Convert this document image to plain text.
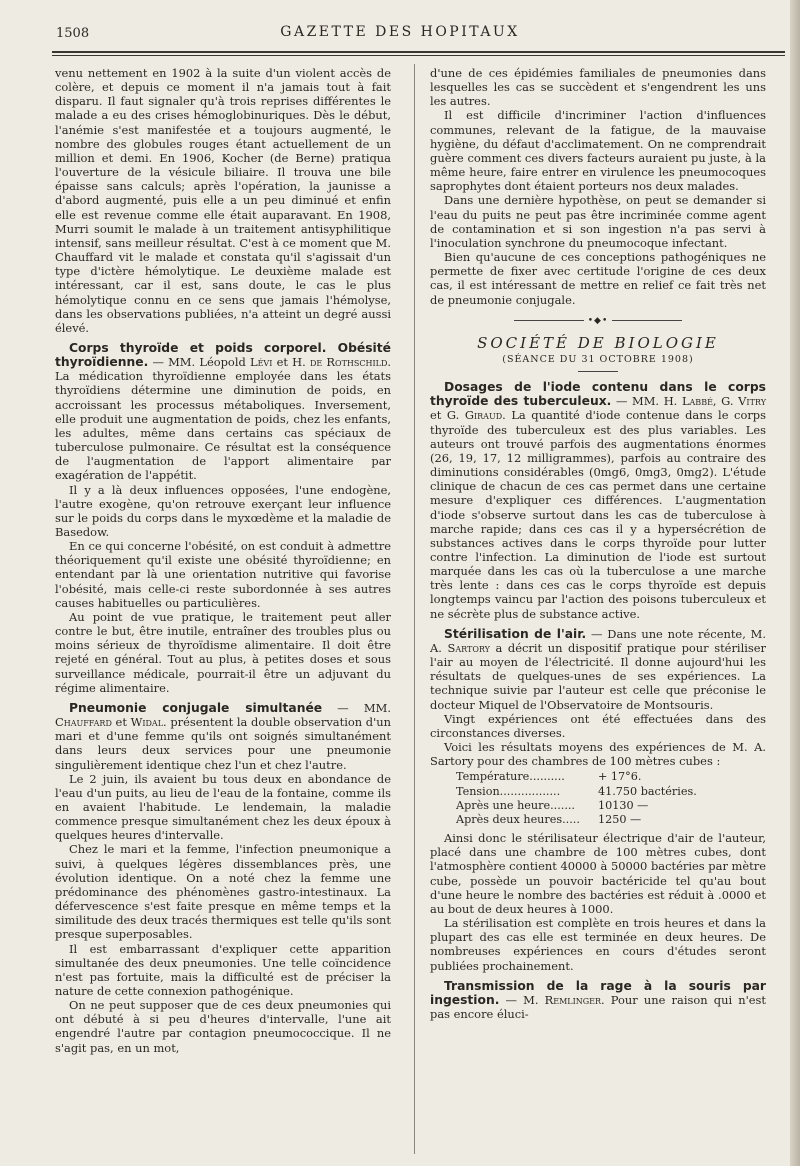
1508	GAZETTE DES HOPITAUX

venu nettement en 1902 à la suite d'un violent accès de colère, et depuis ce moment il n'a jamais tout à fait disparu. Il faut signaler qu'à trois reprises différentes le malade a eu des crises hémoglobinuriques. Dès le début, l'anémie s'est manifestée et a toujours augmenté, le nombre des globules rouges étant actuellement de un million et demi. En 1906, Kocher (de Berne) pratiqua l'ouverture de la vésicule biliaire. Il trouva une bile épaisse sans calculs; après l'opération, la jaunisse a d'abord augmenté, puis elle a un peu diminué et enfin elle est revenue comme elle était auparavant. En 1908, Murri soumit le malade à un traitement antisyphilitique intensif, sans meilleur résultat. C'est à ce moment que M. Chauffard vit le malade et constata qu'il s'agissait d'un type d'ictère hémolytique. Le deuxième malade est intéressant, car il est, sans doute, le cas le plus hémolytique connu en ce sens que jamais l'hémolyse, dans les observations publiées, n'a atteint un degré aussi élevé.

Corps thyroïde et poids corporel. Obésité thyroïdienne. — MM. Léopold Lévi et H. de Rothschild. La médication thyroïdienne employée dans les états thyroïdiens détermine une diminution de poids, en accroissant les processus métaboliques. Inversement, elle produit une augmentation de poids, chez les enfants, les adultes, même dans certains cas spéciaux de tuberculose pulmonaire. Ce résultat est la conséquence de l'augmentation de l'apport alimentaire par exagération de l'appétit.

Il y a là deux influences opposées, l'une endogène, l'autre exogène, qu'on retrouve exerçant leur influence sur le poids du corps dans le myxœdème et la maladie de Basedow.

En ce qui concerne l'obésité, on est conduit à admettre théoriquement qu'il existe une obésité thyroïdienne; en entendant par là une orientation nutritive qui favorise l'obésité, mais celle-ci reste subordonnée à ses autres causes habituelles ou particulières.

Au point de vue pratique, le traitement peut aller contre le but, être inutile, entraîner des troubles plus ou moins sérieux de thyroïdisme alimentaire. Il doit être rejeté en général. Tout au plus, à petites doses et sous surveillance médicale, pourrait-il être un adjuvant du régime alimentaire.

Pneumonie conjugale simultanée — MM. Chauffard et Widal. présentent la double observation d'un mari et d'une femme qu'ils ont soignés simultanément dans leurs deux services pour une pneumonie singulièrement identique chez l'un et chez l'autre.

Le 2 juin, ils avaient bu tous deux en abondance de l'eau d'un puits, au lieu de l'eau de la fontaine, comme ils en avaient l'habitude. Le lendemain, la maladie commence presque simultanément chez les deux époux à quelques heures d'intervalle.

Chez le mari et la femme, l'infection pneumonique a suivi, à quelques légères dissemblances près, une évolution identique. On a noté chez la femme une prédominance des phénomènes gastro-intestinaux. La défervescence s'est faite presque en même temps et la similitude des deux tracés thermiques est telle qu'ils sont presque superposables.

Il est embarrassant d'expliquer cette apparition simultanée des deux pneumonies. Une telle coïncidence n'est pas fortuite, mais la difficulté est de préciser la nature de cette connexion pathogénique.

On ne peut supposer que de ces deux pneumonies qui ont débuté à si peu d'heures d'intervalle, l'une ait engendré l'autre par contagion pneumococcique. Il ne s'agit pas, en un mot,

d'une de ces épidémies familiales de pneumonies dans lesquelles les cas se succèdent et s'engendrent les uns les autres.

Il est difficile d'incriminer l'action d'influences communes, relevant de la fatigue, de la mauvaise hygiène, du défaut d'acclimatement. On ne comprendrait guère comment ces divers facteurs auraient pu juste, à la même heure, faire entrer en virulence les pneumocoques saprophytes dont étaient porteurs nos deux malades.

Dans une dernière hypothèse, on peut se demander si l'eau du puits ne peut pas être incriminée comme agent de contamination et si son ingestion n'a pas servi à l'inoculation synchrone du pneumocoque infectant.

Bien qu'aucune de ces conceptions pathogéniques ne permette de fixer avec certitude l'origine de ces deux cas, il est intéressant de mettre en relief ce fait très net de pneumonie conjugale.

•◆•
SOCIÉTÉ DE BIOLOGIE
(SÉANCE DU 31 OCTOBRE 1908)

Dosages de l'iode contenu dans le corps thyroïde des tuberculeux. — MM. H. Labbé, G. Vitry et G. Giraud. La quantité d'iode contenue dans le corps thyroïde des tuberculeux est des plus variables. Les auteurs ont trouvé parfois des augmentations énormes (26, 19, 17, 12 milligrammes), parfois au contraire des diminutions considérables (0mg6, 0mg3, 0mg2). L'étude clinique de chacun de ces cas permet dans une certaine mesure d'expliquer ces différences. L'augmentation d'iode s'observe surtout dans les cas de tuberculose à marche rapide; dans ces cas il y a hypersécrétion de substances actives dans le corps thyroïde pour lutter contre l'infection. La diminution de l'iode est surtout marquée dans les cas où la tuberculose a une marche très lente : dans ces cas le corps thyroïde est depuis longtemps vaincu par l'action des poisons tuberculeux et ne sécrète plus de substance active.

Stérilisation de l'air. — Dans une note récente, M. A. Sartory a décrit un dispositif pratique pour stériliser l'air au moyen de l'électricité. Il donne aujourd'hui les résultats de quelques-unes de ses expériences. La technique suivie par l'auteur est celle que préconise le docteur Miquel de l'Observatoire de Montsouris.

Vingt expériences ont été effectuées dans des circonstances diverses.

Voici les résultats moyens des expériences de M. A. Sartory pour des chambres de 100 mètres cubes :

Température..........	+ 17°6.
Tension.................	41.750 bactéries.
Après une heure.......	10130 —
Après deux heures.....	1250 —

Ainsi donc le stérilisateur électrique d'air de l'auteur, placé dans une chambre de 100 mètres cubes, dont l'atmosphère contient 40000 à 50000 bactéries par mètre cube, possède un pouvoir bactéricide tel qu'au bout d'une heure le nombre des bactéries est réduit à .0000 et au bout de deux heures à 1000.

La stérilisation est complète en trois heures et dans la plupart des cas elle est terminée en deux heures. De nombreuses expériences en cours d'études seront publiées prochainement.

Transmission de la rage à la souris par ingestion. — M. Remlinger. Pour une raison qui n'est pas encore éluci-
